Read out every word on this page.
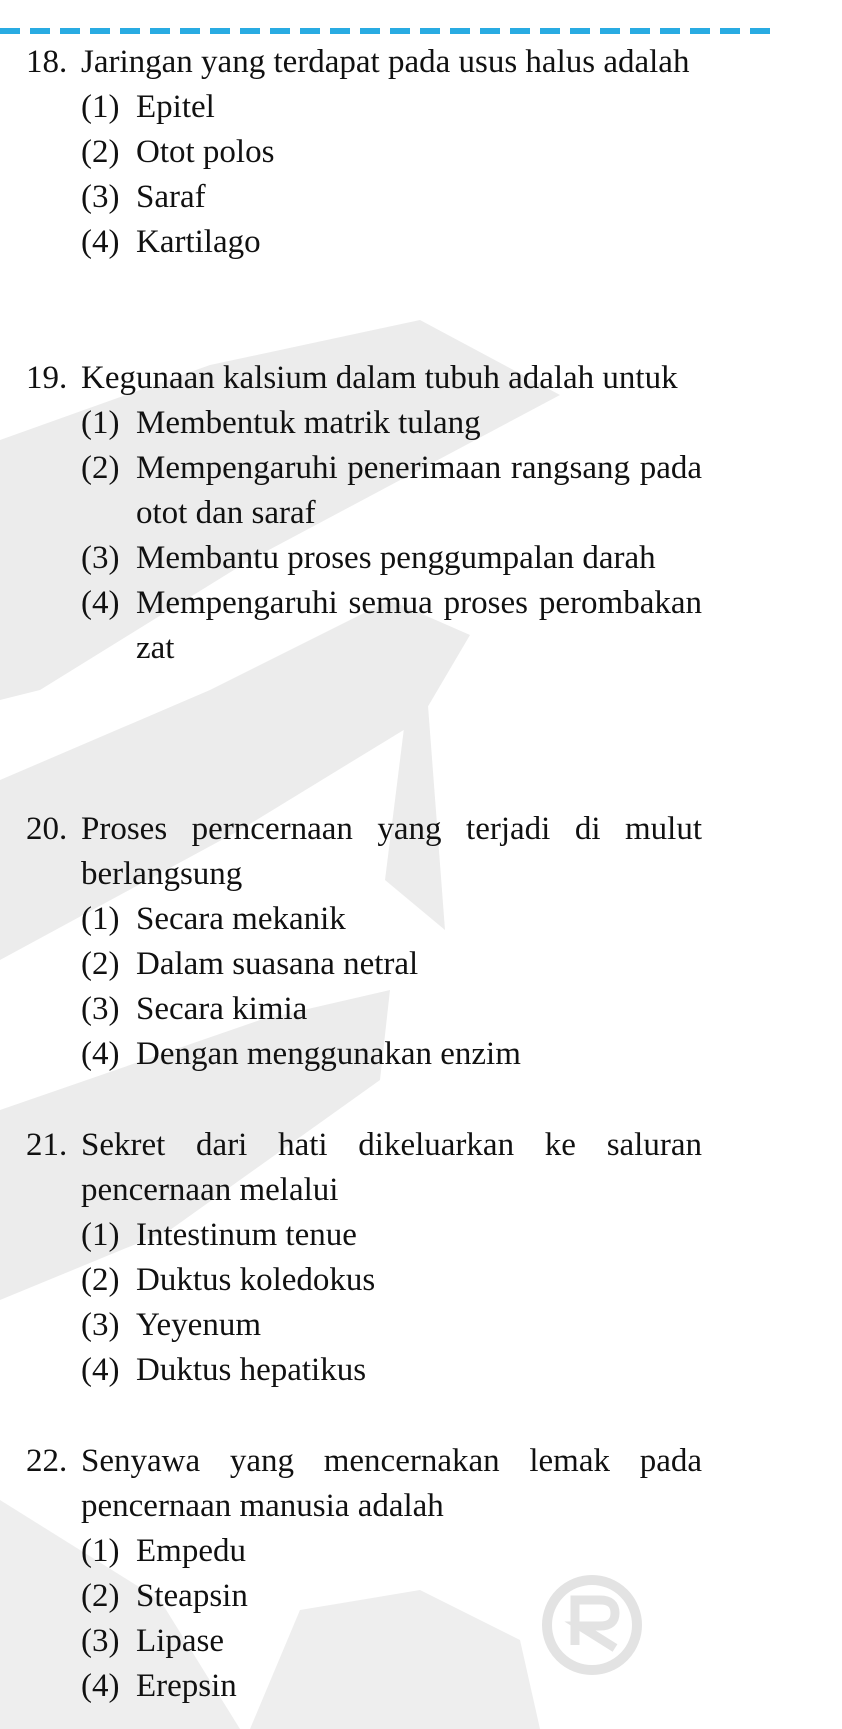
18. Jaringan yang terdapat pada usus halus adalah
(1) Epitel
(2) Otot polos
(3) Saraf
(4) Kartilago
19. Kegunaan kalsium dalam tubuh adalah untuk
(1) Membentuk matrik tulang
(2) Mempengaruhi penerimaan rangsang pada otot dan saraf
(3) Membantu proses penggumpalan darah
(4) Mempengaruhi semua proses perombakan zat
20. Proses perncernaan yang terjadi di mulut berlangsung
(1) Secara mekanik
(2) Dalam suasana netral
(3) Secara kimia
(4) Dengan menggunakan enzim
21. Sekret dari hati dikeluarkan ke saluran pencernaan melalui
(1) Intestinum tenue
(2) Duktus koledokus
(3) Yeyenum
(4) Duktus hepatikus
22. Senyawa yang mencernakan lemak pada pencernaan manusia adalah
(1) Empedu
(2) Steapsin
(3) Lipase
(4) Erepsin
